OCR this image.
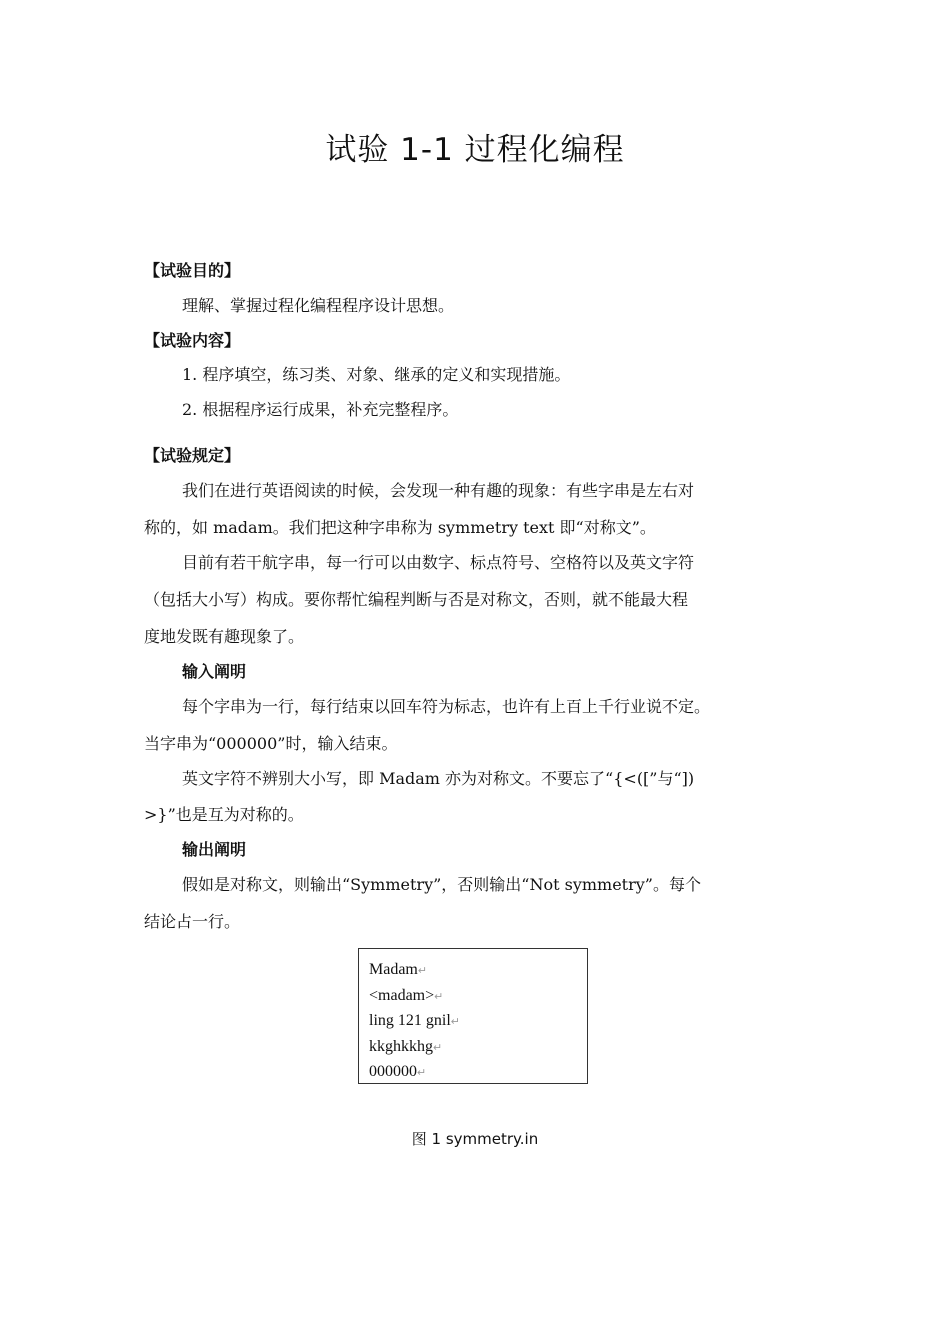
试验 1-1 过程化编程
【试验目的】
理解、掌握过程化编程程序设计思想。
【试验内容】
1. 程序填空，练习类、对象、继承的定义和实现措施。
2. 根据程序运行成果，补充完整程序。
【试验规定】
我们在进行英语阅读的时候，会发现一种有趣的现象：有些字串是左右对
称的，如 madam。我们把这种字串称为 symmetry text 即“对称文”。
目前有若干航字串，每一行可以由数字、标点符号、空格符以及英文字符
（包括大小写）构成。要你帮忙编程判断与否是对称文，否则，就不能最大程
度地发既有趣现象了。
输入阐明
每个字串为一行，每行结束以回车符为标志，也许有上百上千行业说不定。
当字串为“000000”时，输入结束。
英文字符不辨别大小写，即 Madam 亦为对称文。不要忘了“{<([”与“])
>}”也是互为对称的。
输出阐明
假如是对称文，则输出“Symmetry”，否则输出“Not symmetry”。每个
结论占一行。
Madam↵
<madam>↵
ling 121 gnil↵
kkghkkhg↵
000000↵
图 1 symmetry.in
